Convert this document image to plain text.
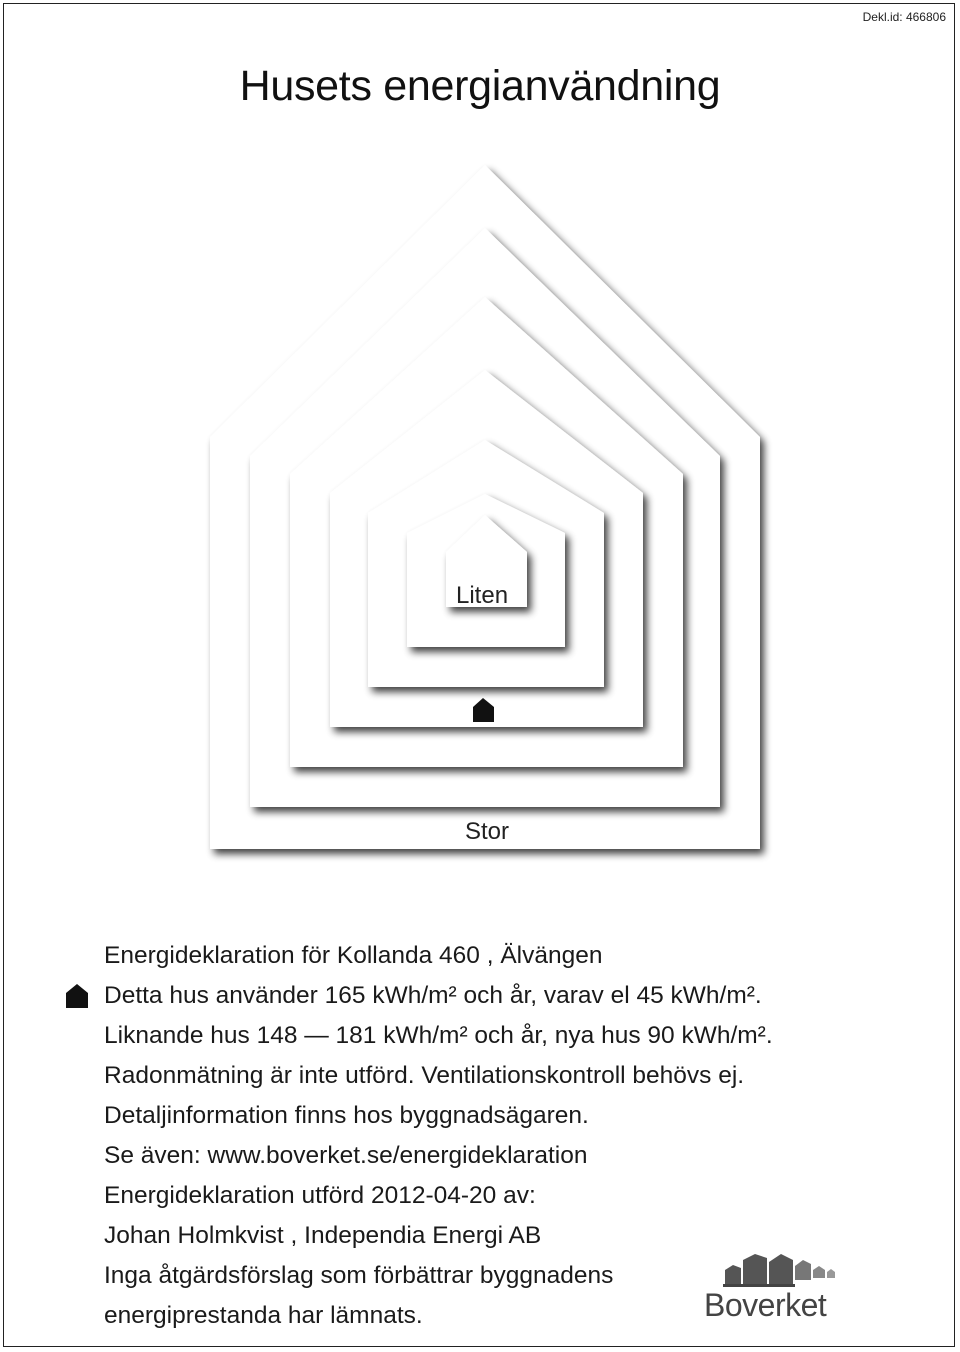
Dekl.id: 466806
Husets energianvändning
Liten
Stor
Energideklaration för Kollanda 460 , Älvängen
Detta hus använder 165 kWh/m² och år, varav el 45 kWh/m².
Liknande hus 148 — 181 kWh/m² och år, nya hus 90 kWh/m².
Radonmätning är inte utförd. Ventilationskontroll behövs ej.
Detaljinformation finns hos byggnadsägaren.
Se även: www.boverket.se/energideklaration
Energideklaration utförd 2012-04-20 av:
Johan Holmkvist , Independia Energi AB
Inga åtgärdsförslag som förbättrar byggnadens
energiprestanda har lämnats.	Boverket
